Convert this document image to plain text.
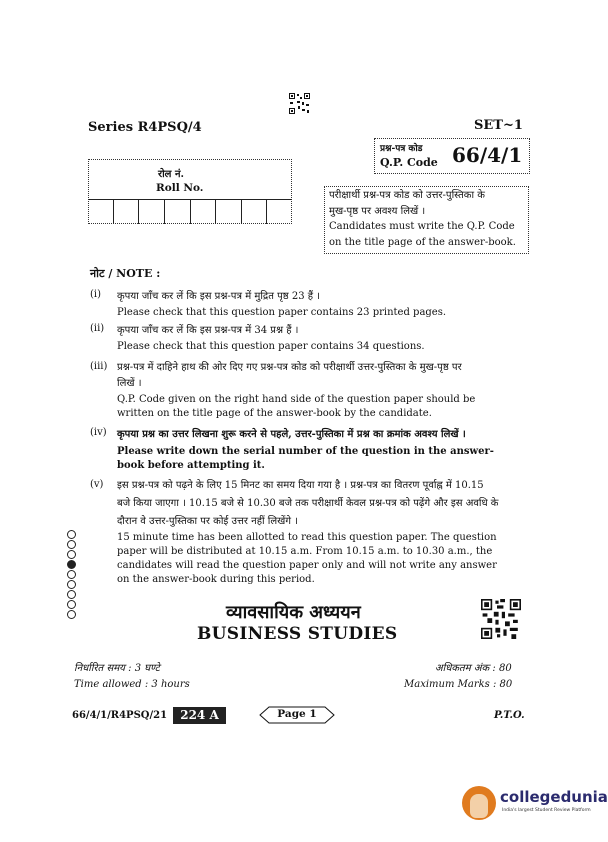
Series R4PSQ/4	SET~1
प्रश्न-पत्र कोड
Q.P. Code 66/4/1
रोल नं.
Roll No.
परीक्षार्थी प्रश्न-पत्र कोड को उत्तर-पुस्तिका के
मुख-पृष्ठ पर अवश्य लिखें ।
Candidates must write the Q.P. Code
on the title page of the answer-book.
नोट / NOTE :
(i) कृपया जाँच कर लें कि इस प्रश्न-पत्र में मुद्रित पृष्ठ 23 हैं ।
Please check that this question paper contains 23 printed pages.
(ii) कृपया जाँच कर लें कि इस प्रश्न-पत्र में 34 प्रश्न हैं ।
Please check that this question paper contains 34 questions.
(iii) प्रश्न-पत्र में दाहिने हाथ की ओर दिए गए प्रश्न-पत्र कोड को परीक्षार्थी उत्तर-पुस्तिका के मुख-पृष्ठ पर
लिखें ।
Q.P. Code given on the right hand side of the question paper should be
written on the title page of the answer-book by the candidate.
(iv) कृपया प्रश्न का उत्तर लिखना शुरू करने से पहले, उत्तर-पुस्तिका में प्रश्न का क्रमांक अवश्य लिखें ।
Please write down the serial number of the question in the answer-
book before attempting it.
(v) इस प्रश्न-पत्र को पढ़ने के लिए 15 मिनट का समय दिया गया है । प्रश्न-पत्र का वितरण पूर्वाह्न में 10.15
बजे किया जाएगा । 10.15 बजे से 10.30 बजे तक परीक्षार्थी केवल प्रश्न-पत्र को पढ़ेंगे और इस अवधि के
दौरान वे उत्तर-पुस्तिका पर कोई उत्तर नहीं लिखेंगे ।
15 minute time has been allotted to read this question paper. The question
paper will be distributed at 10.15 a.m. From 10.15 a.m. to 10.30 a.m., the
candidates will read the question paper only and will not write any answer
on the answer-book during this period.
व्यावसायिक अध्ययन
BUSINESS STUDIES
निर्धारित समय : 3 घण्टे
Time allowed : 3 hours
अधिकतम अंक : 80
Maximum Marks : 80
66/4/1/R4PSQ/21	224 A	Page 1	P.T.O.
collegedunia
India's largest Student Review Platform
